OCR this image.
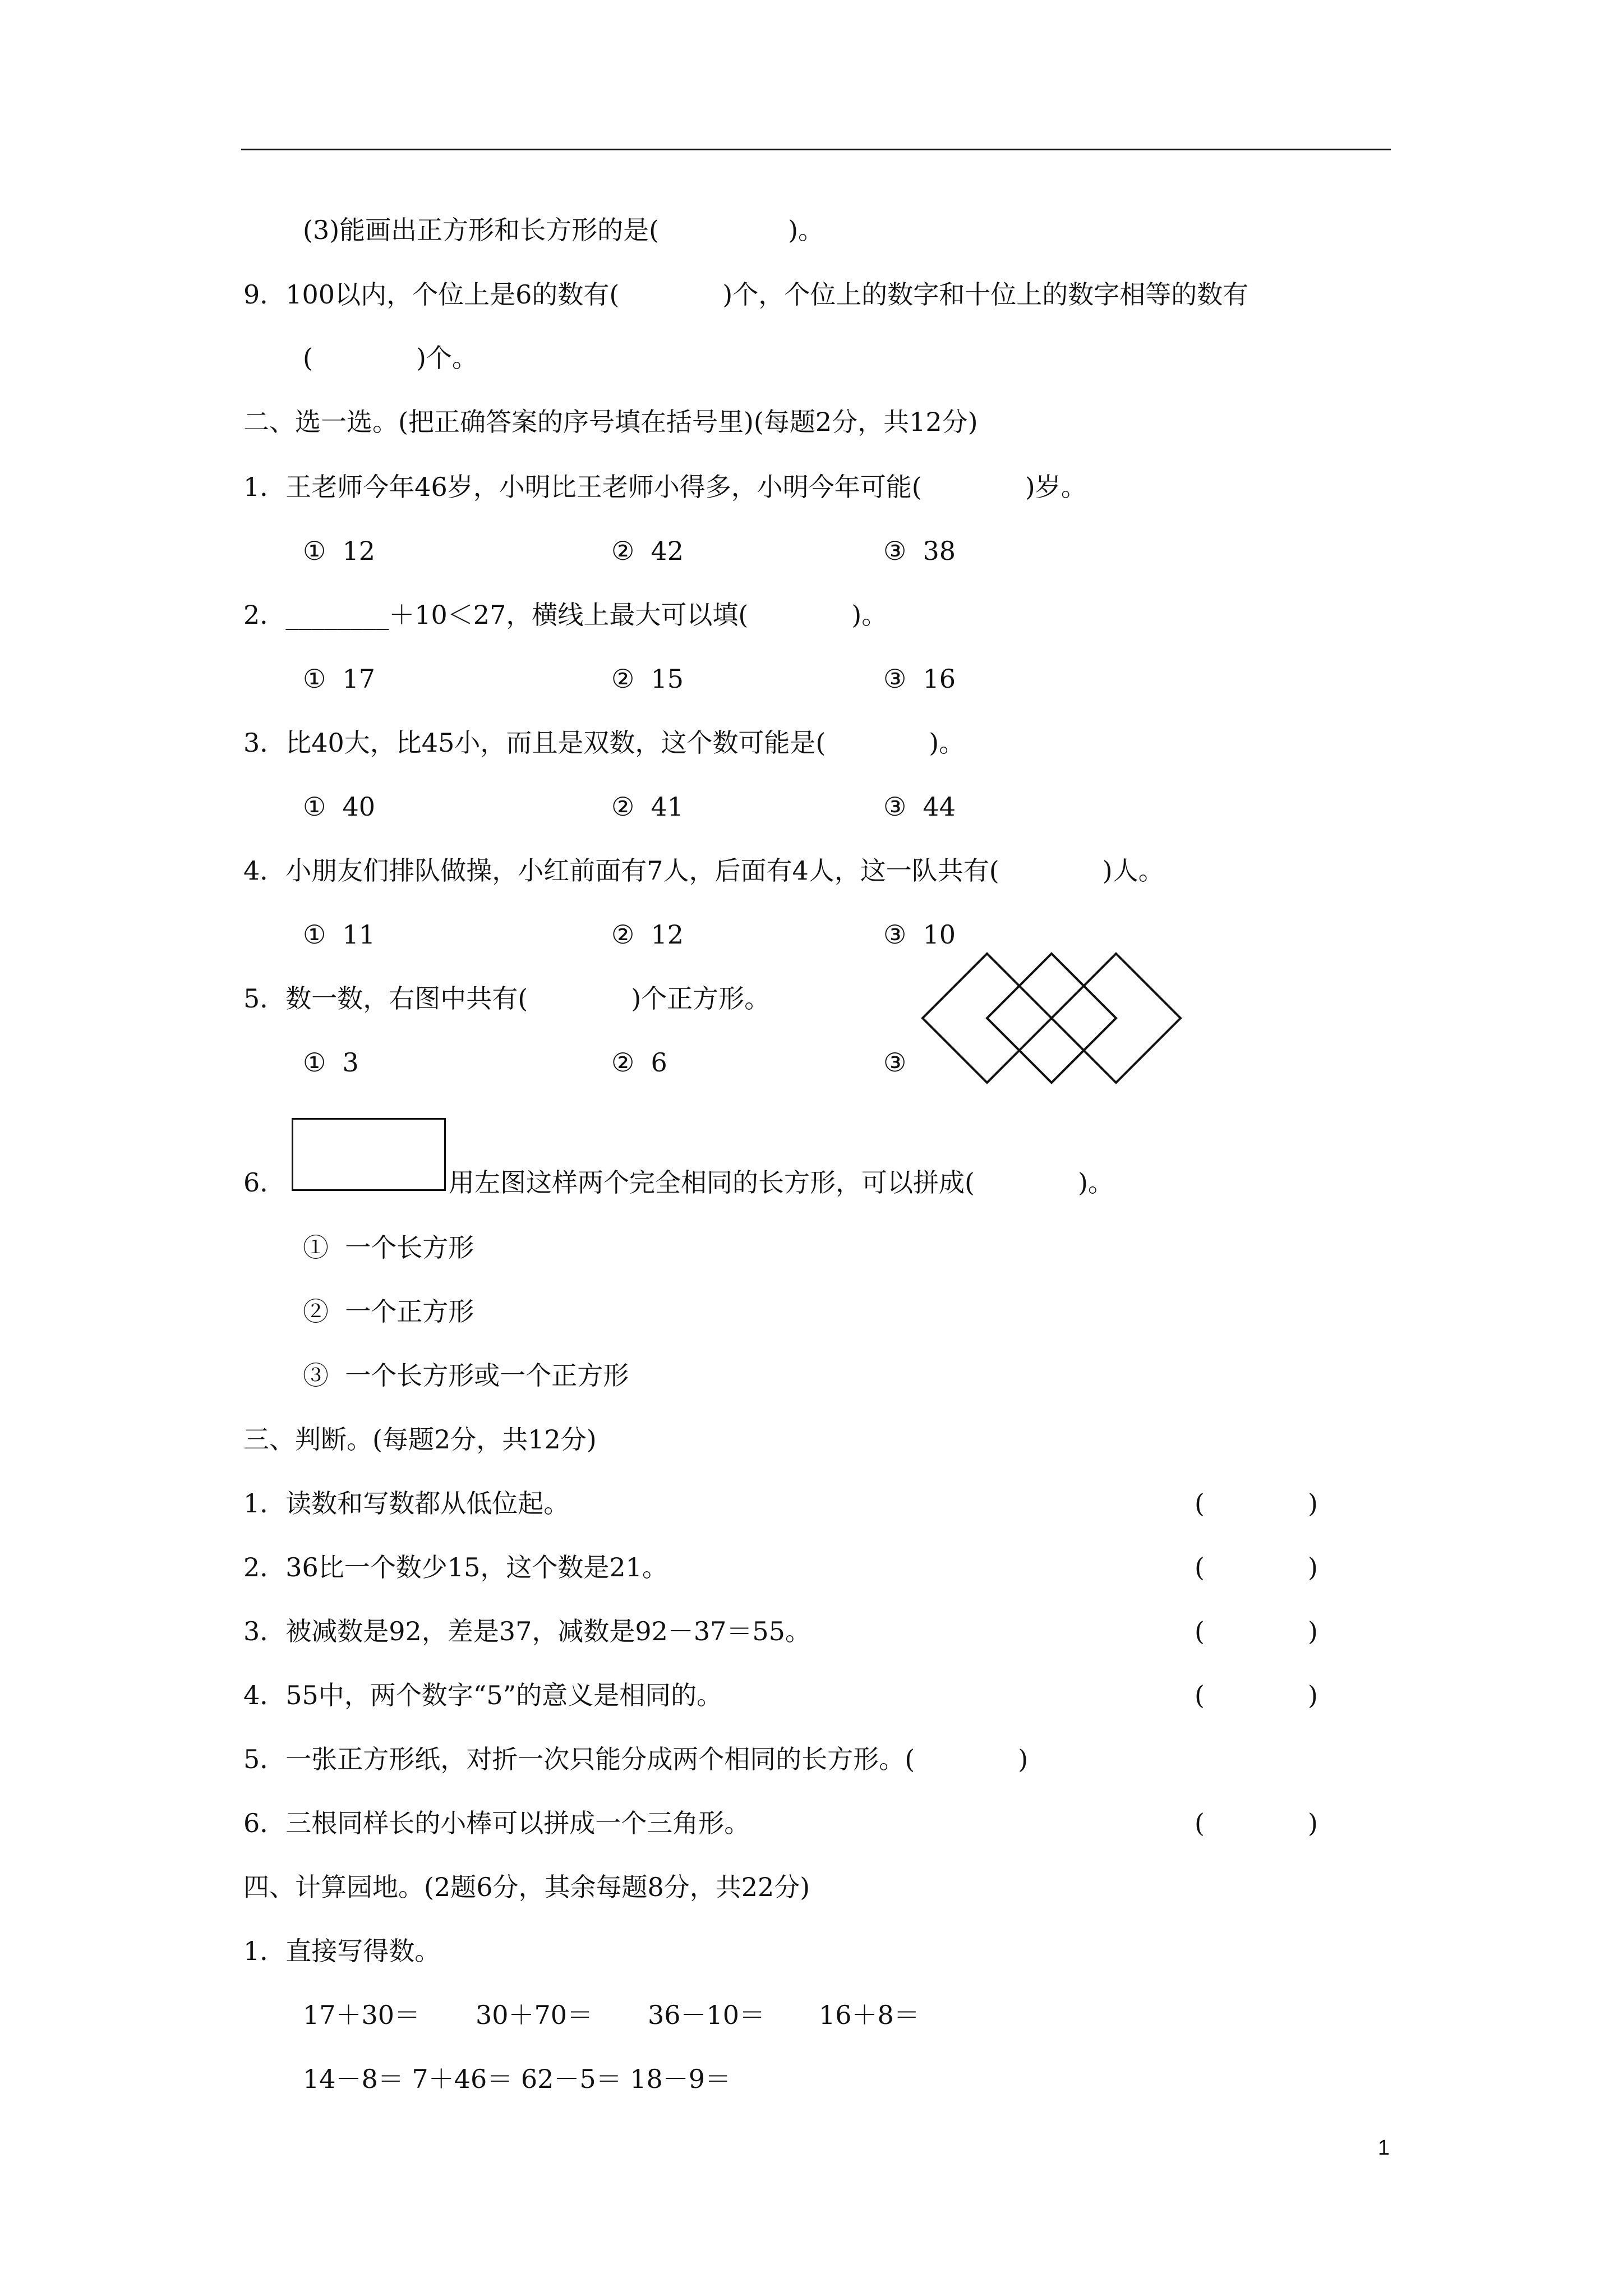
(3)能画出正方形和长方形的是(　　　　　)。
9．100以内，个位上是6的数有(　　　　)个，个位上的数字和十位上的数字相等的数有
(　　　　)个。
二、选一选。(把正确答案的序号填在括号里)(每题2分，共12分)
1．王老师今年46岁，小明比王老师小得多，小明今年可能(　　　　)岁。
①  12	②  42	③  38
2．________＋10＜27，横线上最大可以填(　　　　)。
①  17	②  15	③  16
3．比40大，比45小，而且是双数，这个数可能是(　　　　)。
①  40	②  41	③  44
4．小朋友们排队做操，小红前面有7人，后面有4人，这一队共有(　　　　)人。
①  11	②  12	③  10
5．数一数，右图中共有(　　　　)个正方形。
①  3	②  6	③
6．	用左图这样两个完全相同的长方形，可以拼成(　　　　)。
①  一个长方形
②  一个正方形
③  一个长方形或一个正方形
三、判断。(每题2分，共12分)
1．读数和写数都从低位起。	(　　　　)
2．36比一个数少15，这个数是21。	(　　　　)
3．被减数是92，差是37，减数是92－37＝55。	(　　　　)
4．55中，两个数字“5”的意义是相同的。	(　　　　)
5．一张正方形纸，对折一次只能分成两个相同的长方形。(　　　　)
6．三根同样长的小棒可以拼成一个三角形。	(　　　　)
四、计算园地。(2题6分，其余每题8分，共22分)
1．直接写得数。
17＋30＝ 30＋70＝ 36－10＝ 16＋8＝
14－8＝ 7＋46＝ 62－5＝ 18－9＝
1
